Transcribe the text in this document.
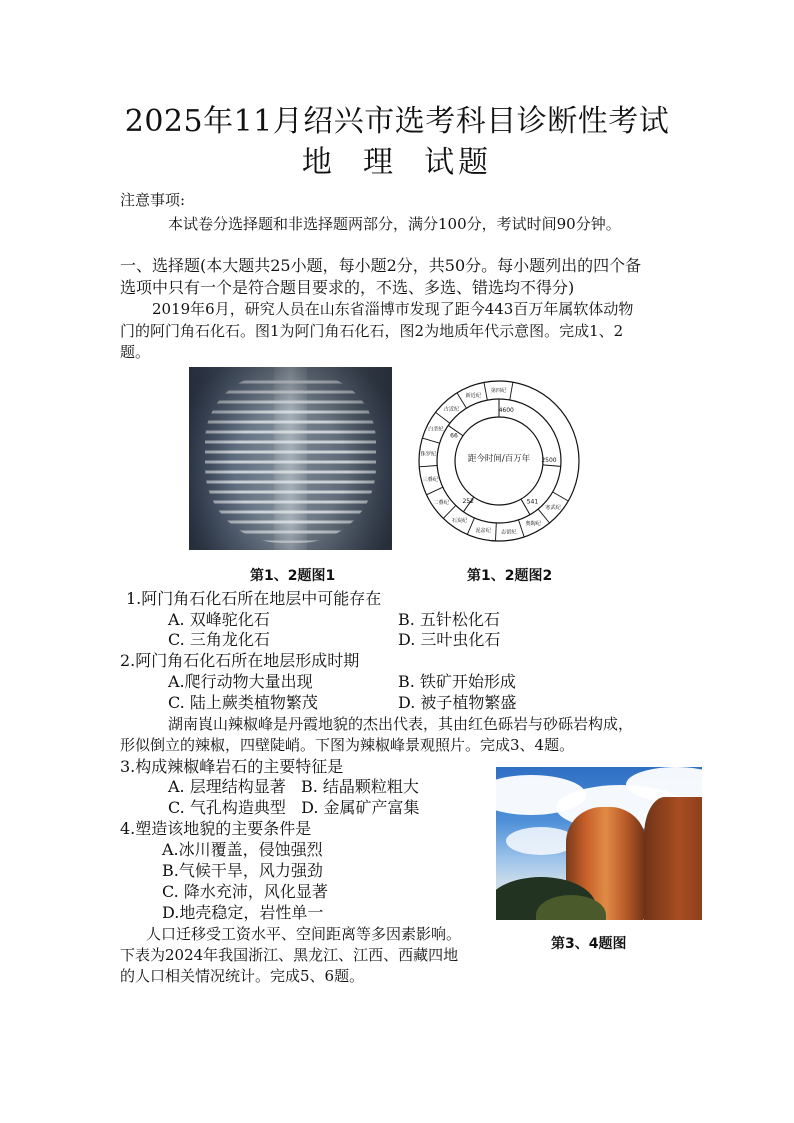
2025年11月绍兴市选考科目诊断性考试
地  理  试题

注意事项:

本试卷分选择题和非选择题两部分，满分100分，考试时间90分钟。

一、选择题(本大题共25小题，每小题2分，共50分。每小题列出的四个备

选项中只有一个是符合题目要求的，不选、多选、错选均不得分)

2019年6月，研究人员在山东省淄博市发现了距今443百万年属软体动物

门的阿门角石化石。图1为阿门角石化石，图2为地质年代示意图。完成1、2

题。

第1、2题图1

4600
2500
541
252
66
第四纪
新近纪
古近纪
白垩纪
侏罗纪
三叠纪
二叠纪
石炭纪
泥盆纪 志留纪
奥陶纪
寒武纪
距今时间/百万年

第1、2题图2

1.阿门角石化石所在地层中可能存在

A. 双峰驼化石	B. 五针松化石

C. 三角龙化石	D. 三叶虫化石

2.阿门角石化石所在地层形成时期

A.爬行动物大量出现	B. 铁矿开始形成

C. 陆上蕨类植物繁茂	D. 被子植物繁盛

湖南崀山辣椒峰是丹霞地貌的杰出代表，其由红色砾岩与砂砾岩构成，

形似倒立的辣椒，四壁陡峭。下图为辣椒峰景观照片。完成3、4题。

3.构成辣椒峰岩石的主要特征是

A. 层理结构显著   B. 结晶颗粒粗大

C. 气孔构造典型   D. 金属矿产富集

4.塑造该地貌的主要条件是

A.冰川覆盖，侵蚀强烈

B.气候干旱，风力强劲

C. 降水充沛，风化显著

D.地壳稳定，岩性单一

第3、4题图

人口迁移受工资水平、空间距离等多因素影响。

下表为2024年我国浙江、黑龙江、江西、西藏四地

的人口相关情况统计。完成5、6题。
